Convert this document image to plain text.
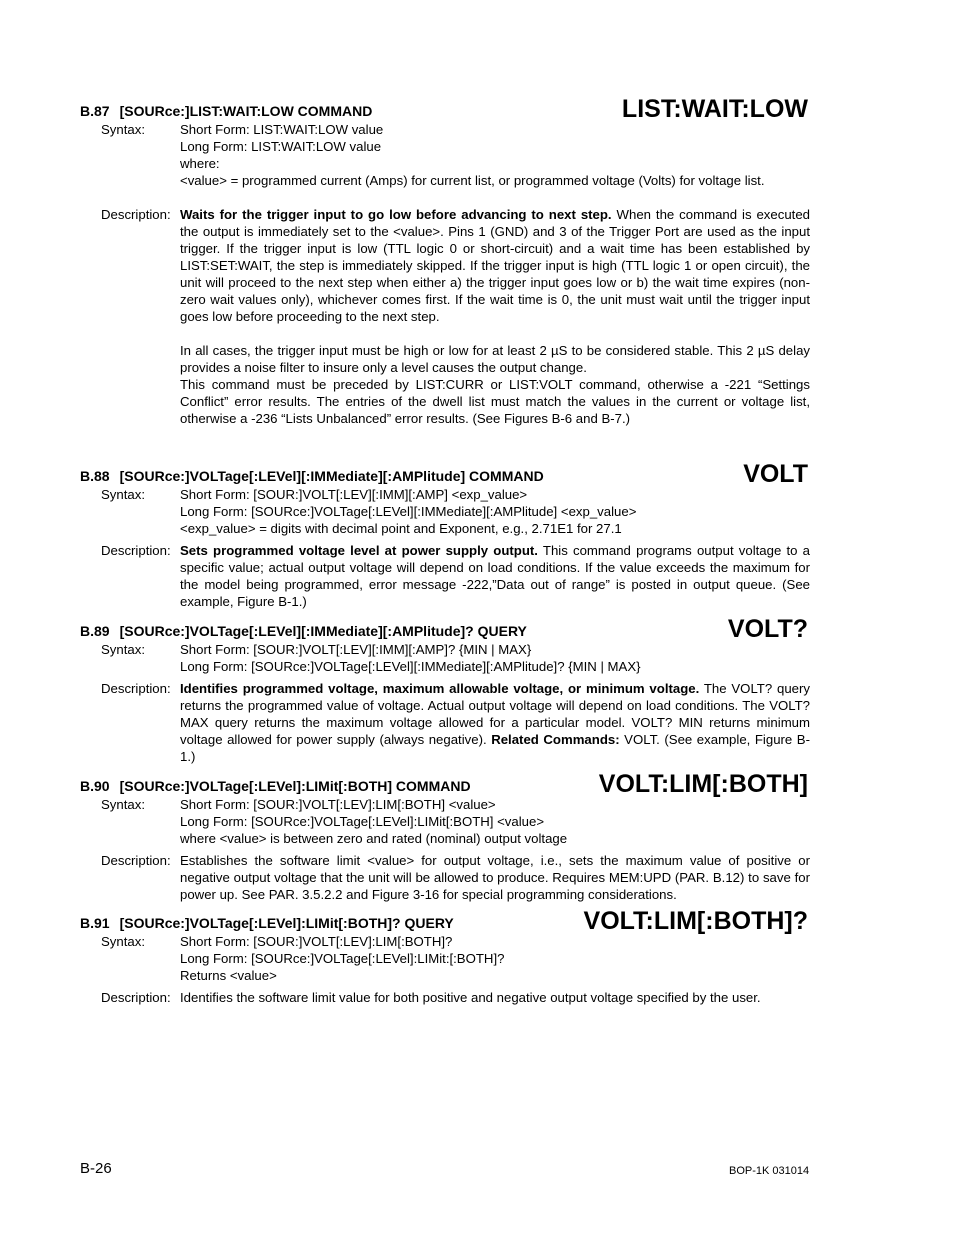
B.87 [SOURce:]LIST:WAIT:LOW COMMAND	LIST:WAIT:LOW
Syntax:	Short Form: LIST:WAIT:LOW value
Long Form: LIST:WAIT:LOW value
where:
<value> = programmed current (Amps) for current list, or programmed voltage (Volts) for voltage list.
Description: Waits for the trigger input to go low before advancing to next step. When the command is executed the output is immediately set to the <value>. Pins 1 (GND) and 3 of the Trigger Port are used as the input trigger. If the trigger input is low (TTL logic 0 or short-circuit) and a wait time has been established by LIST:SET:WAIT, the step is immediately skipped. If the trigger input is high (TTL logic 1 or open circuit), the unit will proceed to the next step when either a) the trigger input goes low or b) the wait time expires (non-zero wait values only), whichever comes first. If the wait time is 0, the unit must wait until the trigger input goes low before proceeding to the next step.
In all cases, the trigger input must be high or low for at least 2 µS to be considered stable. This 2 µS delay provides a noise filter to insure only a level causes the output change.
This command must be preceded by LIST:CURR or LIST:VOLT command, otherwise a -221 “Settings Conflict” error results. The entries of the dwell list must match the values in the current or voltage list, otherwise a -236 “Lists Unbalanced” error results. (See Figures B-6 and B-7.)
B.88 [SOURce:]VOLTage[:LEVel][:IMMediate][:AMPlitude] COMMAND	VOLT
Syntax:	Short Form: [SOUR:]VOLT[:LEV][:IMM][:AMP] <exp_value>
Long Form: [SOURce:]VOLTage[:LEVel][:IMMediate][:AMPlitude] <exp_value>
<exp_value> = digits with decimal point and Exponent, e.g., 2.71E1 for 27.1
Description: Sets programmed voltage level at power supply output. This command programs output voltage to a specific value; actual output voltage will depend on load conditions. If the value exceeds the maximum for the model being programmed, error message -222,”Data out of range” is posted in output queue. (See example, Figure B-1.)
B.89 [SOURce:]VOLTage[:LEVel][:IMMediate][:AMPlitude]? QUERY	VOLT?
Syntax:	Short Form: [SOUR:]VOLT[:LEV][:IMM][:AMP]? {MIN | MAX}
Long Form: [SOURce:]VOLTage[:LEVel][:IMMediate][:AMPlitude]? {MIN | MAX}
Description: Identifies programmed voltage, maximum allowable voltage, or minimum voltage. The VOLT? query returns the programmed value of voltage. Actual output voltage will depend on load conditions. The VOLT?MAX query returns the maximum voltage allowed for a particular model. VOLT? MIN returns minimum voltage allowed for power supply (always negative). Related Commands: VOLT. (See example, Figure B-1.)
B.90 [SOURce:]VOLTage[:LEVel]:LIMit[:BOTH] COMMAND	VOLT:LIM[:BOTH]
Syntax:	Short Form: [SOUR:]VOLT[:LEV]:LIM[:BOTH] <value>
Long Form: [SOURce:]VOLTage[:LEVel]:LIMit[:BOTH] <value>
where <value> is between zero and rated (nominal) output voltage
Description: Establishes the software limit <value> for output voltage, i.e., sets the maximum value of positive or negative output voltage that the unit will be allowed to produce. Requires MEM:UPD (PAR. B.12) to save for power up. See PAR. 3.5.2.2 and Figure 3-16 for special programming considerations.
B.91 [SOURce:]VOLTage[:LEVel]:LIMit[:BOTH]? QUERY	VOLT:LIM[:BOTH]?
Syntax:	Short Form: [SOUR:]VOLT[:LEV]:LIM[:BOTH]?
Long Form: [SOURce:]VOLTage[:LEVel]:LIMit:[:BOTH]?
Returns <value>
Description: Identifies the software limit value for both positive and negative output voltage specified by the user.
B-26	BOP-1K 031014
